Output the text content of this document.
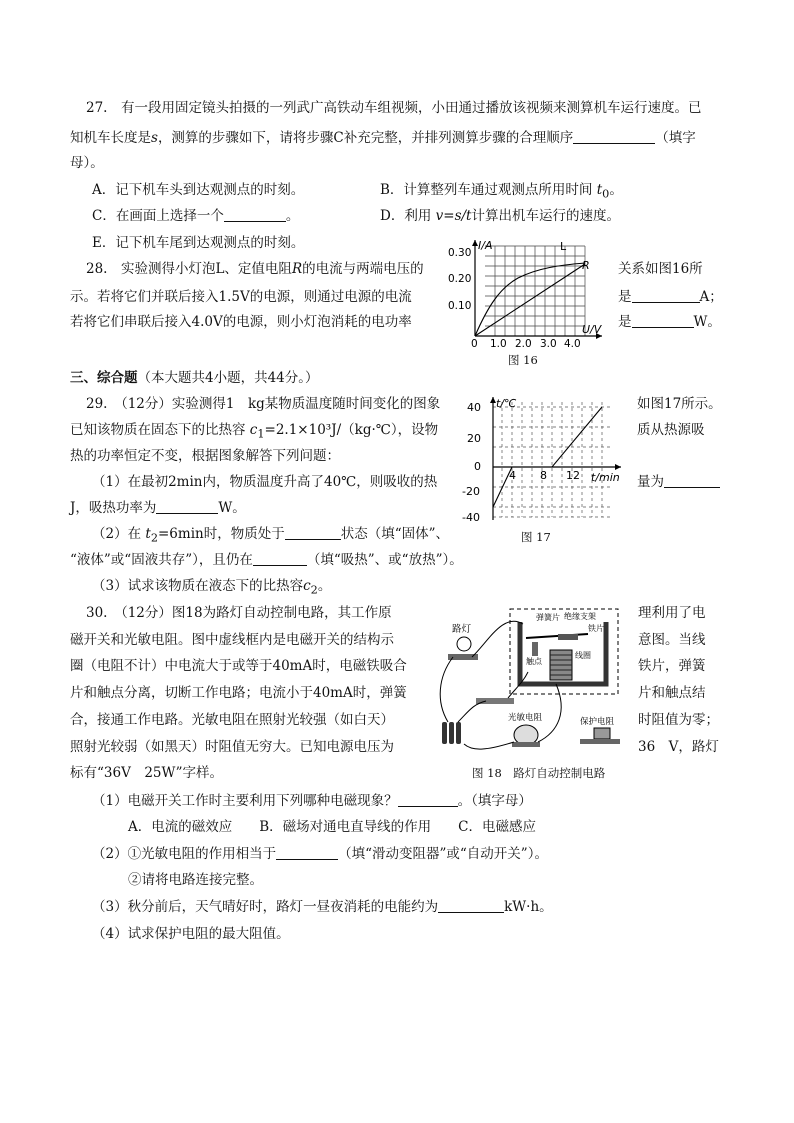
27.　有一段用固定镜头拍摄的一列武广高铁动车组视频，小田通过播放该视频来测算机车运行速度。已
知机车长度是s，测算的步骤如下，请将步骤C补充完整，并排列测算步骤的合理顺序	（填字
母）。
A．记下机车头到达观测点的时刻。	B．计算整列车通过观测点所用时间 $t_0$。
C．在画面上选择一个	。	D．利用 v=s/t计算出机车运行的速度。
E．记下机车尾到达观测点的时刻。
28.　实验测得小灯泡L、定值电阻R的电流与两端电压的	关系如图16所
示。若将它们并联后接入1.5V的电源，则通过电源的电流	是	A；
若将它们串联后接入4.0V的电源，则小灯泡消耗的电功率	是	W。
I/A	L
R
U/V
0.30
0.20
0.10
0 1.0 2.0 3.0 4.0
图 16
三、综合题（本大题共4小题，共44分。）
29.　（12分）实验测得1　kg某物质温度随时间变化的图象	如图17所示。
已知该物质在固态下的比热容 $c_1=2.1\times 10^3J/(kg\cdot℃)$，设物	质从热源吸
热的功率恒定不变，根据图象解答下列问题：
（1）在最初2min内，物质温度升高了40℃，则吸收的热	量为
J，吸热功率为	W。
（2）在 $t_2=6\min$时，物质处于	状态（填“固体”、
“液体”或“固液共存”），且仍在	（填“吸热”、或“放热”）。
（3）试求该物质在液态下的比热容$c_2$。
t/℃
t/min
40
20
0
-20
-40
4 8 12
图 17
30.　（12分）图18为路灯自动控制电路，其工作原	理利用了电
磁开关和光敏电阻。图中虚线框内是电磁开关的结构示	意图。当线
圈（电阻不计）中电流大于或等于40mA时，电磁铁吸合	铁片，弹簧
片和触点分离，切断工作电路；电流小于40mA时，弹簧	片和触点结
合，接通工作电路。光敏电阻在照射光较强（如白天）	时阻值为零；
照射光较弱（如黑天）时阻值无穷大。已知电源电压为	36　V，路灯
标有“36V　25W”字样。
路灯
弹簧片 绝缘支架
铁片
线圈
触点
光敏电阻	保护电阻
图 18　路灯自动控制电路
（1）电磁开关工作时主要利用下列哪种电磁现象？	。（填字母）
A．电流的磁效应　　B．磁场对通电直导线的作用　　C．电磁感应
（2）①光敏电阻的作用相当于	（填“滑动变阻器”或“自动开关”）。
②请将电路连接完整。
（3）秋分前后，天气晴好时，路灯一昼夜消耗的电能约为	kW·h。
（4）试求保护电阻的最大阻值。
